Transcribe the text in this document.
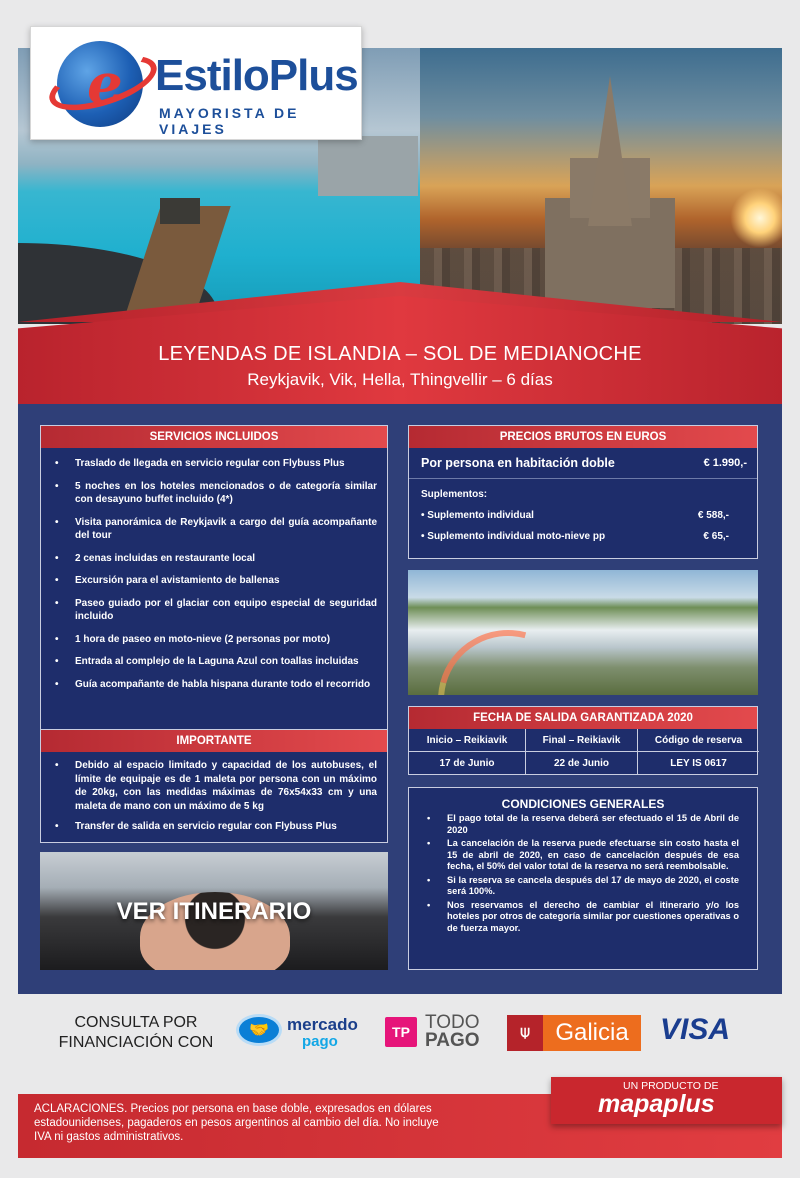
e EstiloPlus
MAYORISTA DE VIAJES
LEYENDAS DE ISLANDIA – SOL DE MEDIANOCHE
Reykjavik, Vik, Hella, Thingvellir – 6 días
SERVICIOS INCLUIDOS
• Traslado de llegada en servicio regular con Flybuss Plus
• 5 noches en los hoteles mencionados o de categoría similar con desayuno buffet incluido (4*)
• Visita panorámica de Reykjavik a cargo del guía acompañante del tour
• 2 cenas incluidas en restaurante local
• Excursión para el avistamiento de ballenas
• Paseo guiado por el glaciar con equipo especial de seguridad incluido
• 1 hora de paseo en moto-nieve (2 personas por moto)
• Entrada al complejo de la Laguna Azul con toallas incluidas
• Guía acompañante de habla hispana durante todo el recorrido
IMPORTANTE
• Debido al espacio limitado y capacidad de los autobuses, el límite de equipaje es de 1 maleta por persona con un máximo de 20kg, con las medidas máximas de 76x54x33 cm y una maleta de mano con un máximo de 5 kg
• Transfer de salida en servicio regular con Flybuss Plus
VER ITINERARIO
PRECIOS BRUTOS EN EUROS
Por persona en habitación doble	€ 1.990,-
Suplementos:
• Suplemento individual	€ 588,-
• Suplemento individual moto-nieve pp	€ 65,-
FECHA DE SALIDA GARANTIZADA 2020
Inicio – Reikiavik	Final – Reikiavik	Código de reserva
17 de Junio	22 de Junio	LEY IS 0617
CONDICIONES GENERALES
• El pago total de la reserva deberá ser efectuado el 15 de Abril de 2020
• La cancelación de la reserva puede efectuarse sin costo hasta el 15 de abril de 2020, en caso de cancelación después de esa fecha, el 50% del valor total de la reserva no será reembolsable.
• Si la reserva se cancela después del 17 de mayo de 2020, el coste será 100%.
• Nos reservamos el derecho de cambiar el itinerario y/o los hoteles por otros de categoría similar por cuestiones operativas o de fuerza mayor.
CONSULTA POR
FINANCIACIÓN CON
🤝	mercado
pago
TP TODO
PAGO	⍦	Galicia	VISA
ACLARACIONES. Precios por persona en base doble, expresados en dólares estadounidenses, pagaderos en pesos argentinos al cambio del día. No incluye IVA ni gastos administrativos.
UN PRODUCTO DE
mapaplus
